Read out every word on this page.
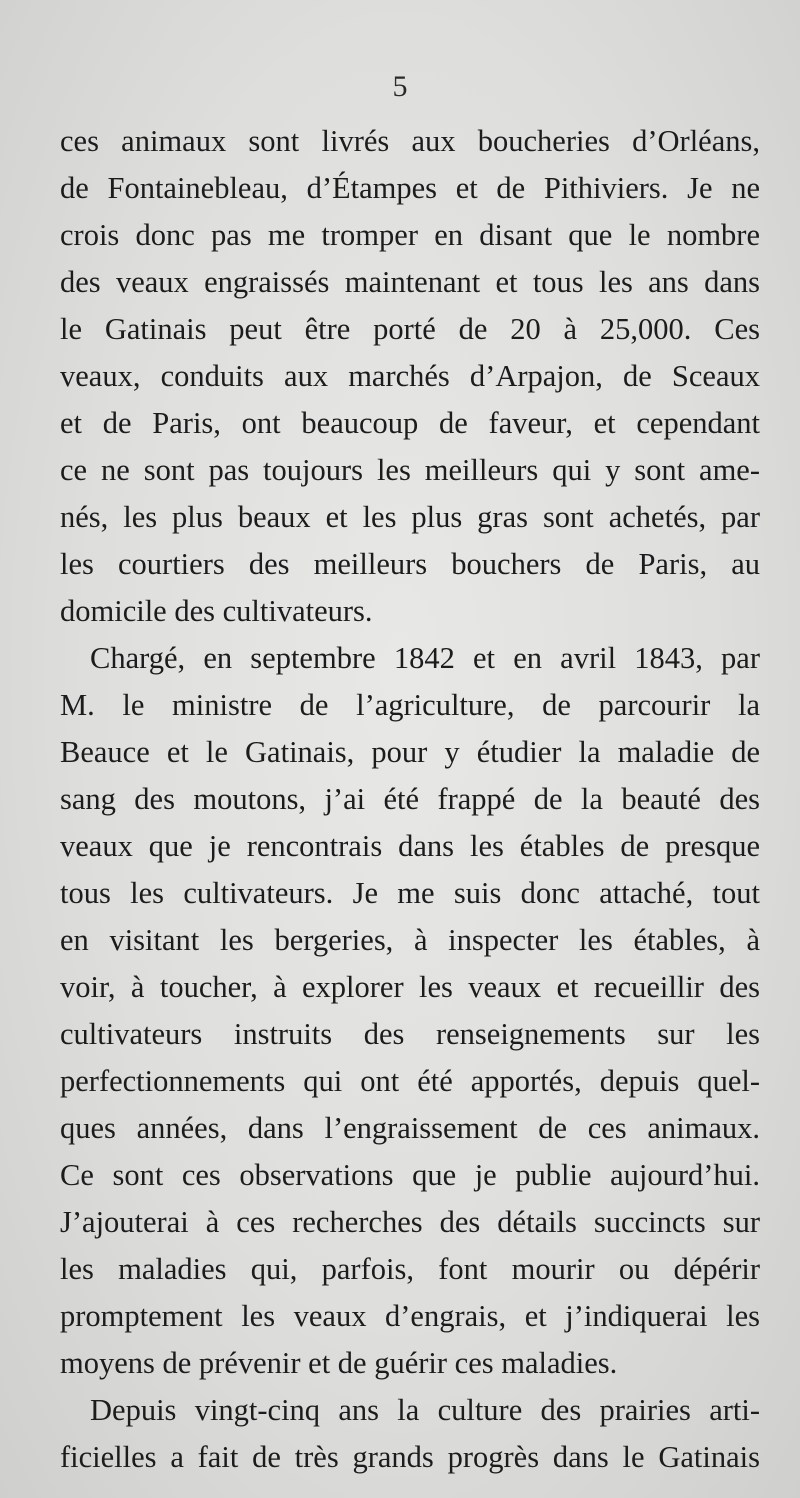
5
ces animaux sont livrés aux boucheries d’Orléans,
de Fontainebleau, d’Étampes et de Pithiviers. Je ne
crois donc pas me tromper en disant que le nombre
des veaux engraissés maintenant et tous les ans dans
le Gatinais peut être porté de 20 à 25,000. Ces
veaux, conduits aux marchés d’Arpajon, de Sceaux
et de Paris, ont beaucoup de faveur, et cependant
ce ne sont pas toujours les meilleurs qui y sont ame-
nés, les plus beaux et les plus gras sont achetés, par
les courtiers des meilleurs bouchers de Paris, au
domicile des cultivateurs.
Chargé, en septembre 1842 et en avril 1843, par
M. le ministre de l’agriculture, de parcourir la
Beauce et le Gatinais, pour y étudier la maladie de
sang des moutons, j’ai été frappé de la beauté des
veaux que je rencontrais dans les étables de presque
tous les cultivateurs. Je me suis donc attaché, tout
en visitant les bergeries, à inspecter les étables, à
voir, à toucher, à explorer les veaux et recueillir des
cultivateurs instruits des renseignements sur les
perfectionnements qui ont été apportés, depuis quel-
ques années, dans l’engraissement de ces animaux.
Ce sont ces observations que je publie aujourd’hui.
J’ajouterai à ces recherches des détails succincts sur
les maladies qui, parfois, font mourir ou dépérir
promptement les veaux d’engrais, et j’indiquerai les
moyens de prévenir et de guérir ces maladies.
Depuis vingt-cinq ans la culture des prairies arti-
ficielles a fait de très grands progrès dans le Gatinais
